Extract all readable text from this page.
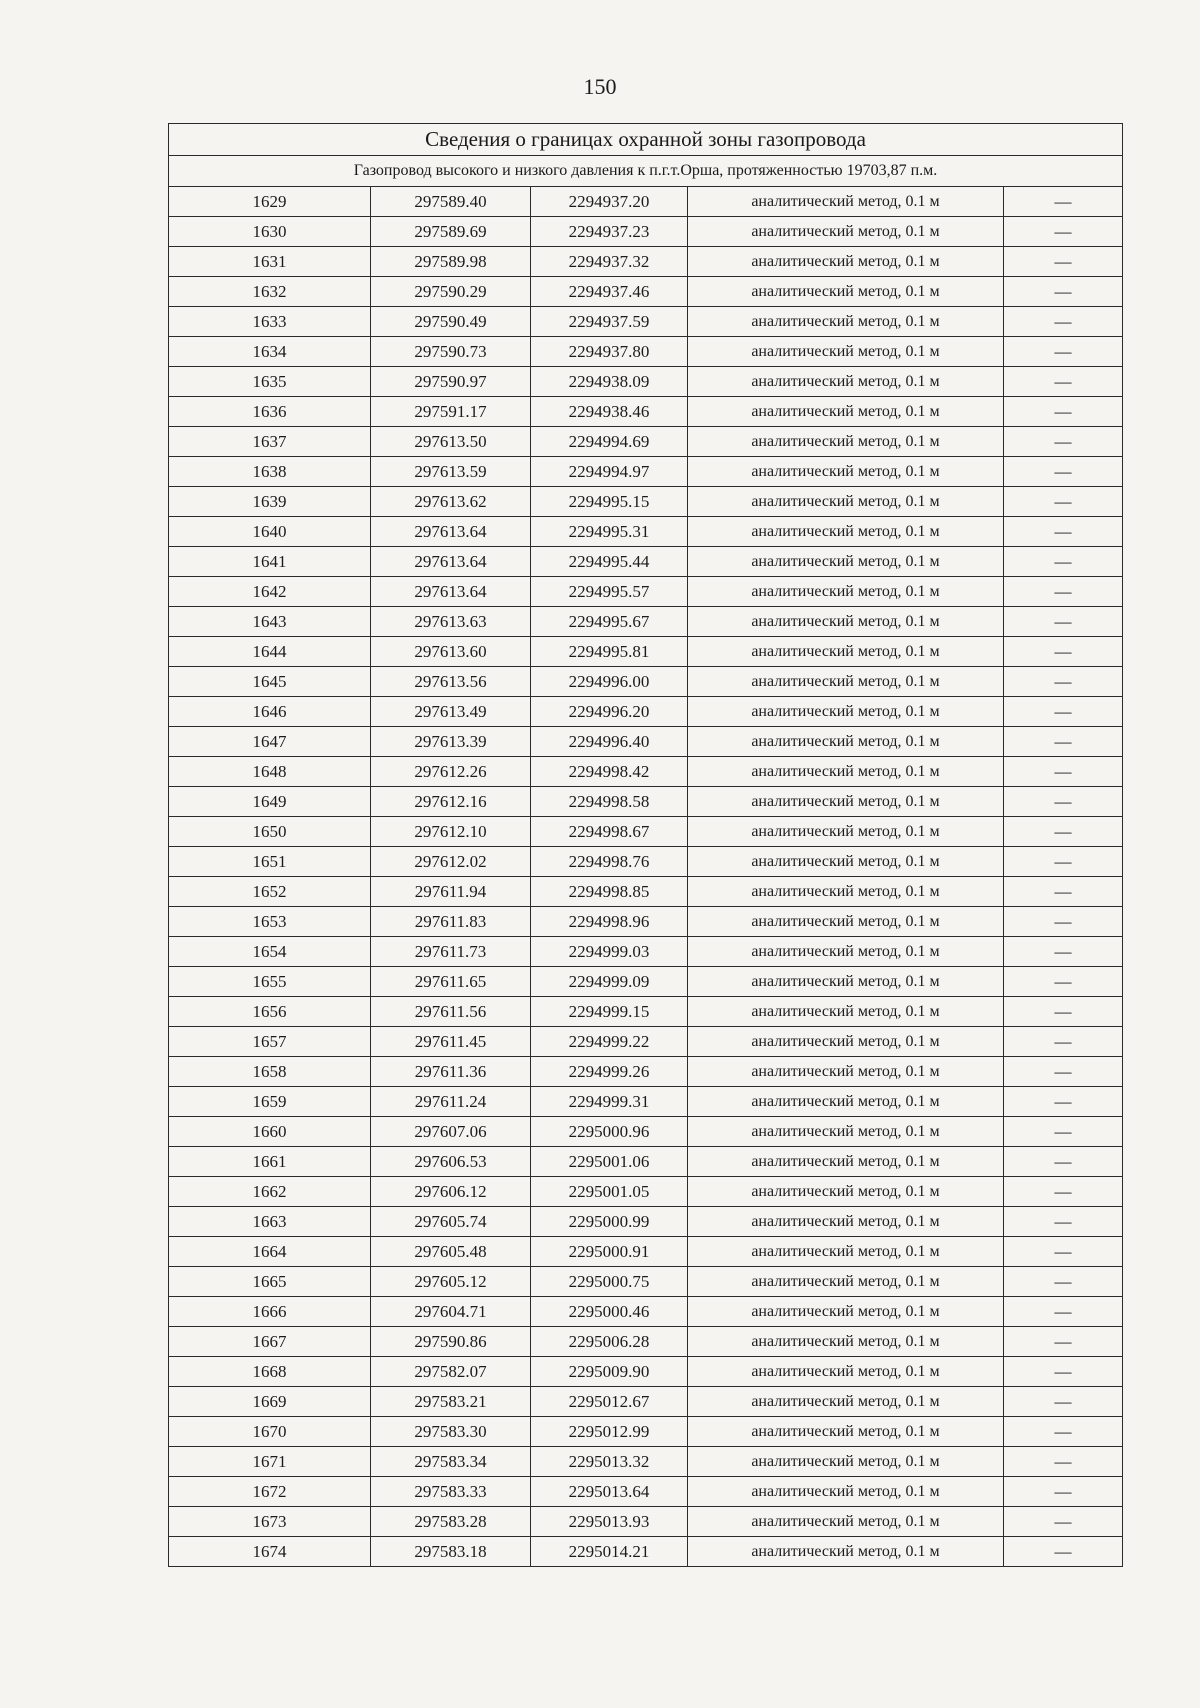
150
Сведения о границах охранной зоны газопровода				
Газопровод высокого и низкого давления к п.г.т.Орша, протяженностью 19703,87 п.м.				
1629	297589.40	2294937.20	аналитический метод, 0.1 м	—
1630	297589.69	2294937.23	аналитический метод, 0.1 м	—
1631	297589.98	2294937.32	аналитический метод, 0.1 м	—
1632	297590.29	2294937.46	аналитический метод, 0.1 м	—
1633	297590.49	2294937.59	аналитический метод, 0.1 м	—
1634	297590.73	2294937.80	аналитический метод, 0.1 м	—
1635	297590.97	2294938.09	аналитический метод, 0.1 м	—
1636	297591.17	2294938.46	аналитический метод, 0.1 м	—
1637	297613.50	2294994.69	аналитический метод, 0.1 м	—
1638	297613.59	2294994.97	аналитический метод, 0.1 м	—
1639	297613.62	2294995.15	аналитический метод, 0.1 м	—
1640	297613.64	2294995.31	аналитический метод, 0.1 м	—
1641	297613.64	2294995.44	аналитический метод, 0.1 м	—
1642	297613.64	2294995.57	аналитический метод, 0.1 м	—
1643	297613.63	2294995.67	аналитический метод, 0.1 м	—
1644	297613.60	2294995.81	аналитический метод, 0.1 м	—
1645	297613.56	2294996.00	аналитический метод, 0.1 м	—
1646	297613.49	2294996.20	аналитический метод, 0.1 м	—
1647	297613.39	2294996.40	аналитический метод, 0.1 м	—
1648	297612.26	2294998.42	аналитический метод, 0.1 м	—
1649	297612.16	2294998.58	аналитический метод, 0.1 м	—
1650	297612.10	2294998.67	аналитический метод, 0.1 м	—
1651	297612.02	2294998.76	аналитический метод, 0.1 м	—
1652	297611.94	2294998.85	аналитический метод, 0.1 м	—
1653	297611.83	2294998.96	аналитический метод, 0.1 м	—
1654	297611.73	2294999.03	аналитический метод, 0.1 м	—
1655	297611.65	2294999.09	аналитический метод, 0.1 м	—
1656	297611.56	2294999.15	аналитический метод, 0.1 м	—
1657	297611.45	2294999.22	аналитический метод, 0.1 м	—
1658	297611.36	2294999.26	аналитический метод, 0.1 м	—
1659	297611.24	2294999.31	аналитический метод, 0.1 м	—
1660	297607.06	2295000.96	аналитический метод, 0.1 м	—
1661	297606.53	2295001.06	аналитический метод, 0.1 м	—
1662	297606.12	2295001.05	аналитический метод, 0.1 м	—
1663	297605.74	2295000.99	аналитический метод, 0.1 м	—
1664	297605.48	2295000.91	аналитический метод, 0.1 м	—
1665	297605.12	2295000.75	аналитический метод, 0.1 м	—
1666	297604.71	2295000.46	аналитический метод, 0.1 м	—
1667	297590.86	2295006.28	аналитический метод, 0.1 м	—
1668	297582.07	2295009.90	аналитический метод, 0.1 м	—
1669	297583.21	2295012.67	аналитический метод, 0.1 м	—
1670	297583.30	2295012.99	аналитический метод, 0.1 м	—
1671	297583.34	2295013.32	аналитический метод, 0.1 м	—
1672	297583.33	2295013.64	аналитический метод, 0.1 м	—
1673	297583.28	2295013.93	аналитический метод, 0.1 м	—
1674	297583.18	2295014.21	аналитический метод, 0.1 м	—
